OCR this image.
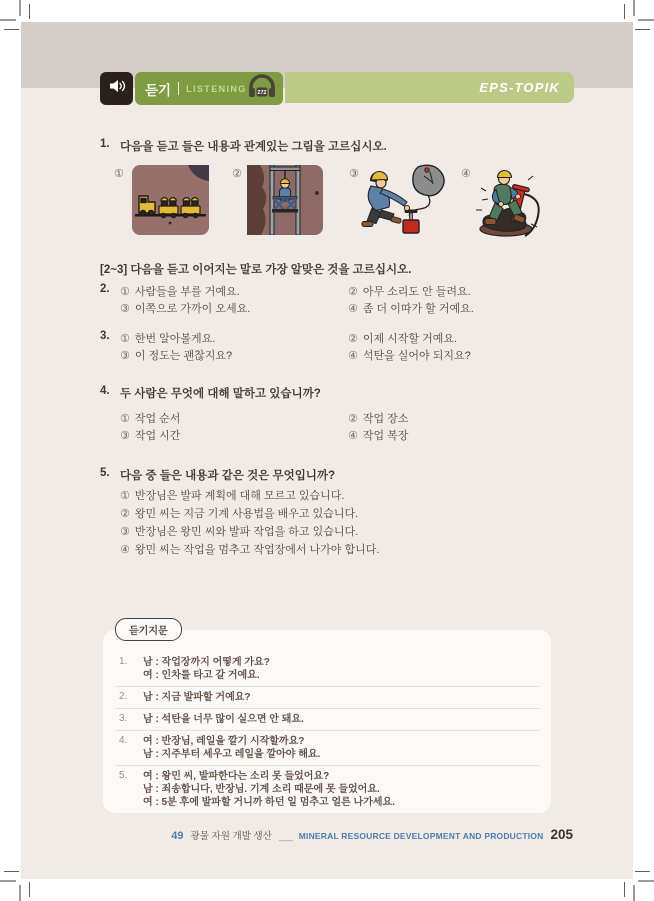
EPS-TOPIK
듣기 LISTENING 272
1. 다음을 듣고 들은 내용과 관계있는 그림을 고르십시오.
①	②	③	④
[2~3] 다음을 듣고 이어지는 말로 가장 알맞은 것을 고르십시오.
2. ① 사람들을 부를 거예요.	② 아무 소리도 안 들려요.
③ 이쪽으로 가까이 오세요.	④ 좀 더 이따가 할 거예요.
3. ① 한번 알아볼게요.	② 이제 시작할 거예요.
③ 이 정도는 괜찮지요?	④ 석탄을 실어야 되지요?
4. 두 사람은 무엇에 대해 말하고 있습니까?
① 작업 순서	② 작업 장소
③ 작업 시간	④ 작업 복장
5. 다음 중 들은 내용과 같은 것은 무엇입니까?
① 반장님은 발파 계획에 대해 모르고 있습니다.
② 왕민 씨는 지금 기계 사용법을 배우고 있습니다.
③ 반장님은 왕민 씨와 발파 작업을 하고 있습니다.
④ 왕민 씨는 작업을 멈추고 작업장에서 나가야 합니다.
듣기지문
1. 남 : 작업장까지 어떻게 가요?
여 : 인차를 타고 갈 거예요.
2. 남 : 지금 발파할 거예요?
3. 남 : 석탄을 너무 많이 실으면 안 돼요.
4. 여 : 반장님, 레일을 깔기 시작할까요?
남 : 지주부터 세우고 레일을 깔아야 해요.
5. 여 : 왕민 씨, 발파한다는 소리 못 들었어요?
남 : 죄송합니다, 반장님. 기계 소리 때문에 못 들었어요.
여 : 5분 후에 발파할 거니까 하던 일 멈추고 얼른 나가세요.
49 광물 자원 개발 생산 ___ MINERAL RESOURCE DEVELOPMENT AND PRODUCTION 205
